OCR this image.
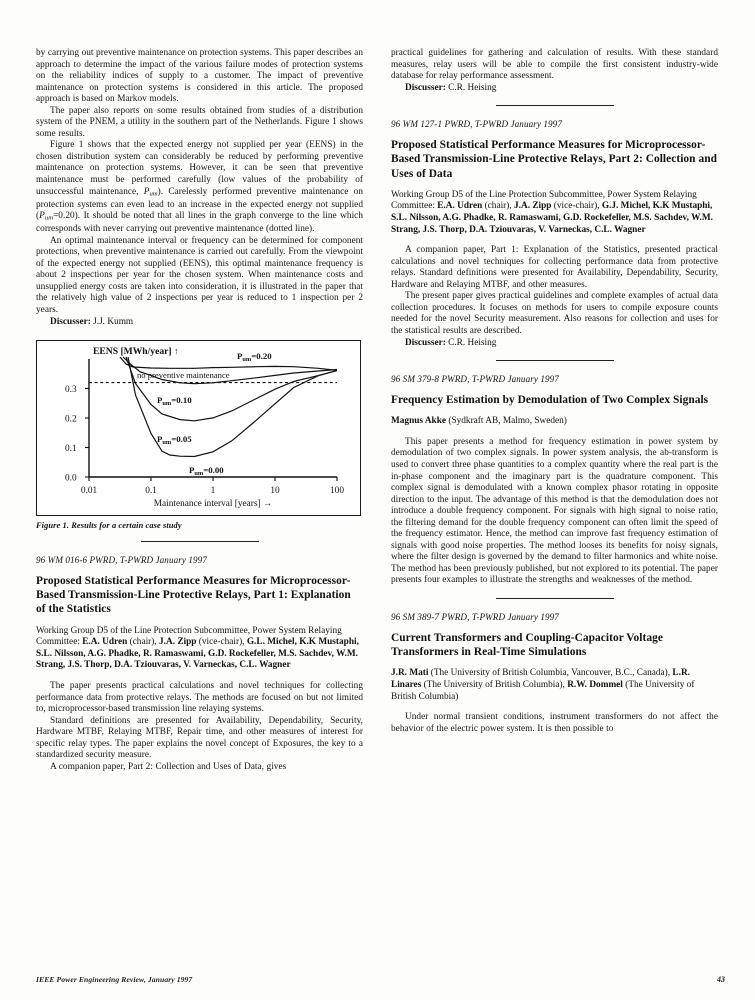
by carrying out preventive maintenance on protection systems. This paper describes an approach to determine the impact of the various failure modes of protection systems on the reliability indices of supply to a customer. The impact of preventive maintenance on protection systems is considered in this article. The proposed approach is based on Markov models.

The paper also reports on some results obtained from studies of a distribution system of the PNEM, a utility in the southern part of the Netherlands. Figure 1 shows some results.

Figure 1 shows that the expected energy not supplied per year (EENS) in the chosen distribution system can considerably be reduced by performing preventive maintenance on protection systems. However, it can be seen that preventive maintenance must be performed carefully (low values of the probability of unsuccessful maintenance, $P_{um}$). Carelessly performed preventive maintenance on protection systems can even lead to an increase in the expected energy not supplied $(P_{um}=0.20)$. It should be noted that all lines in the graph converge to the line which corresponds with never carrying out preventive maintenance (dotted line).

An optimal maintenance interval or frequency can be determined for component protections, when preventive maintenance is carried out carefully. From the viewpoint of the expected energy not supplied (EENS), this optimal maintenance frequency is about 2 inspections per year for the chosen system. When maintenance costs and unsupplied energy costs are taken into consideration, it is illustrated in the paper that the relatively high value of 2 inspections per year is reduced to 1 inspection per 2 years.

Discusser: J.J. Kumm

EENS [MWh/year] ↑
0.0
0.1
0.2
0.3
0.01	0.1	1	10	100
Maintenance interval [years] →
no preventive maintenance
$P_{um}=0.20$
$P_{um}=0.10$
$P_{um}=0.05$
$P_{um}=0.00$
Figure 1. Results for a certain case study

96 WM 016-6 PWRD, T-PWRD January 1997

Proposed Statistical Performance Measures for Microprocessor-Based Transmission-Line Protective Relays, Part 1: Explanation of the Statistics

Working Group D5 of the Line Protection Subcommittee, Power System Relaying Committee: E.A. Udren (chair), J.A. Zipp (vice-chair), G.L. Michel, K.K Mustaphi, S.L. Nilsson, A.G. Phadke, R. Ramaswami, G.D. Rockefeller, M.S. Sachdev, W.M. Strang, J.S. Thorp, D.A. Tziouvaras, V. Varneckas, C.L. Wagner

The paper presents practical calculations and novel techniques for collecting performance data from protective relays. The methods are focused on but not limited to, microprocessor-based transmission line relaying systems.

Standard definitions are presented for Availability, Dependability, Security, Hardware MTBF, Relaying MTBF, Repair time, and other measures of interest for specific relay types. The paper explains the novel concept of Exposures, the key to a standardized security measure.

A companion paper, Part 2: Collection and Uses of Data, gives

practical guidelines for gathering and calculation of results. With these standard measures, relay users will be able to compile the first consistent industry-wide database for relay performance assessment.

Discusser: C.R. Heising

96 WM 127-1 PWRD, T-PWRD January 1997

Proposed Statistical Performance Measures for Microprocessor-Based Transmission-Line Protective Relays, Part 2: Collection and Uses of Data

Working Group D5 of the Line Protection Subcommittee, Power System Relaying Committee: E.A. Udren (chair), J.A. Zipp (vice-chair), G.J. Michel, K.K Mustaphi, S.L. Nilsson, A.G. Phadke, R. Ramaswami, G.D. Rockefeller, M.S. Sachdev, W.M. Strang, J.S. Thorp, D.A. Tziouvaras, V. Varneckas, C.L. Wagner

A companion paper, Part 1: Explanation of the Statistics, presented practical calculations and novel techniques for collecting performance data from protective relays. Standard definitions were presented for Availability, Dependability, Security, Hardware and Relaying MTBF, and other measures.

The present paper gives practical guidelines and complete examples of actual data collection procedures. It focuses on methods for users to compile exposure counts needed for the novel Security measurement. Also reasons for collection and uses for the statistical results are described.

Discusser: C.R. Heising

96 SM 379-8 PWRD, T-PWRD January 1997

Frequency Estimation by Demodulation of Two Complex Signals

Magnus Akke (Sydkraft AB, Malmo, Sweden)

This paper presents a method for frequency estimation in power system by demodulation of two complex signals. In power system analysis, the ab-transform is used to convert three phase quantities to a complex quantity where the real part is the in-phase component and the imaginary part is the quadrature component. This complex signal is demodulated with a known complex phasor rotating in opposite direction to the input. The advantage of this method is that the demodulation does not introduce a double frequency component. For signals with high signal to noise ratio, the filtering demand for the double frequency component can often limit the speed of the frequency estimator. Hence, the method can improve fast frequency estimation of signals with good noise properties. The method looses its benefits for noisy signals, where the filter design is governed by the demand to filter harmonics and white noise. The method has been previously published, but not explored to its potential. The paper presents four examples to illustrate the strengths and weaknesses of the method.

96 SM 389-7 PWRD, T-PWRD January 1997

Current Transformers and Coupling-Capacitor Voltage Transformers in Real-Time Simulations

J.R. Mati (The University of British Columbia, Vancouver, B.C., Canada), L.R. Linares (The University of British Columbia), R.W. Dommel (The University of British Columbia)

Under normal transient conditions, instrument transformers do not affect the behavior of the electric power system. It is then possible to

IEEE Power Engineering Review, January 1997	43
